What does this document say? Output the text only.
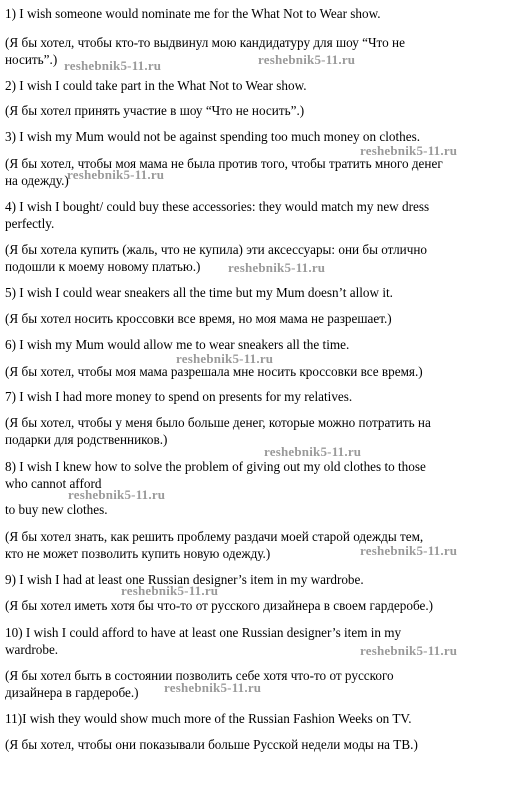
1) I wish someone would nominate me for the What Not to Wear show.
(Я бы хотел, чтобы кто-то выдвинул мою кандидатуру для шоу “Что не
носить”.)
2) I wish I could take part in the What Not to Wear show.
(Я бы хотел принять участие в шоу “Что не носить”.)
3) I wish my Mum would not be against spending too much money on clothes.
(Я бы хотел, чтобы моя мама не была против того, чтобы тратить много денег
на одежду.)
4) I wish I bought/ could buy these accessories: they would match my new dress
perfectly.
(Я бы хотела купить (жаль, что не купила) эти аксессуары: они бы отлично
подошли к моему новому платью.)
5) I wish I could wear sneakers all the time but my Mum doesn’t allow it.
(Я бы хотел носить кроссовки все время, но моя мама не разрешает.)
6) I wish my Mum would allow me to wear sneakers all the time.
(Я бы хотел, чтобы моя мама разрешала мне носить кроссовки все время.)
7) I wish I had more money to spend on presents for my relatives.
(Я бы хотел, чтобы у меня было больше денег, которые можно потратить на
подарки для родственников.)
8) I wish I knew how to solve the problem of giving out my old clothes to those
who cannot afford
to buy new clothes.
(Я бы хотел знать, как решить проблему раздачи моей старой одежды тем,
кто не может позволить купить новую одежду.)
9) I wish I had at least one Russian designer’s item in my wardrobe.
(Я бы хотел иметь хотя бы что-то от русского дизайнера в своем гардеробе.)
10) I wish I could afford to have at least one Russian designer’s item in my
wardrobe.
(Я бы хотел быть в состоянии позволить себе хотя что-то от русского
дизайнера в гардеробе.)
11)I wish they would show much more of the Russian Fashion Weeks on TV.
(Я бы хотел, чтобы они показывали больше Русской недели моды на ТВ.)
reshebnik5-11.ru	reshebnik5-11.ru
reshebnik5-11.ru
reshebnik5-11.ru
reshebnik5-11.ru
reshebnik5-11.ru
reshebnik5-11.ru
reshebnik5-11.ru
reshebnik5-11.ru
reshebnik5-11.ru
reshebnik5-11.ru
reshebnik5-11.ru
